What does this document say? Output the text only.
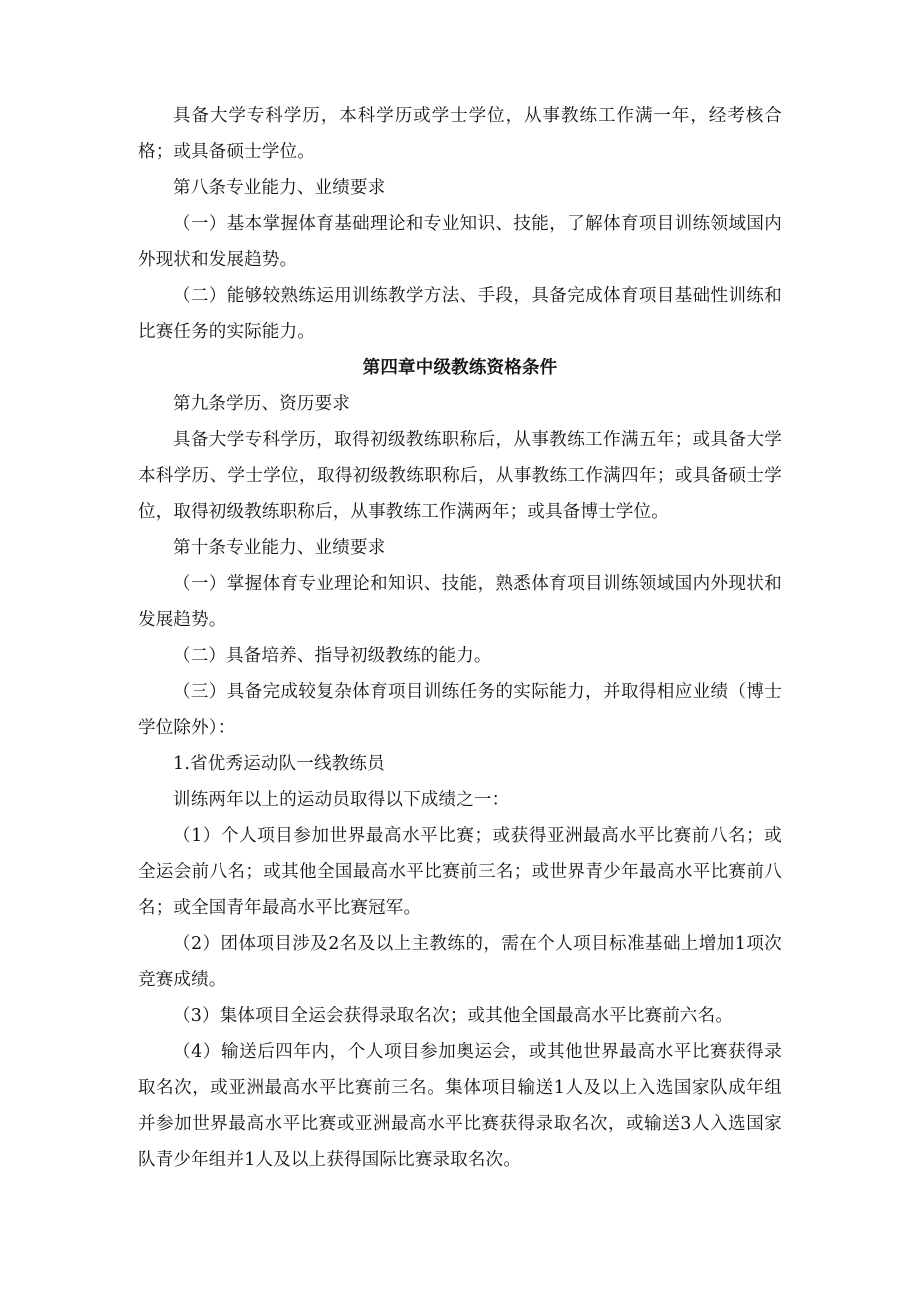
具备大学专科学历，本科学历或学士学位，从事教练工作满一年，经考核合格；或具备硕士学位。

第八条专业能力、业绩要求

（一）基本掌握体育基础理论和专业知识、技能，了解体育项目训练领域国内外现状和发展趋势。

（二）能够较熟练运用训练教学方法、手段，具备完成体育项目基础性训练和比赛任务的实际能力。

第四章中级教练资格条件

第九条学历、资历要求

具备大学专科学历，取得初级教练职称后，从事教练工作满五年；或具备大学本科学历、学士学位，取得初级教练职称后，从事教练工作满四年；或具备硕士学位，取得初级教练职称后，从事教练工作满两年；或具备博士学位。

第十条专业能力、业绩要求

（一）掌握体育专业理论和知识、技能，熟悉体育项目训练领域国内外现状和发展趋势。

（二）具备培养、指导初级教练的能力。

（三）具备完成较复杂体育项目训练任务的实际能力，并取得相应业绩（博士学位除外）：

1.省优秀运动队一线教练员

训练两年以上的运动员取得以下成绩之一：

（1）个人项目参加世界最高水平比赛；或获得亚洲最高水平比赛前八名；或全运会前八名；或其他全国最高水平比赛前三名；或世界青少年最高水平比赛前八名；或全国青年最高水平比赛冠军。

（2）团体项目涉及2名及以上主教练的，需在个人项目标准基础上增加1项次竞赛成绩。

（3）集体项目全运会获得录取名次；或其他全国最高水平比赛前六名。

（4）输送后四年内，个人项目参加奥运会，或其他世界最高水平比赛获得录取名次，或亚洲最高水平比赛前三名。集体项目输送1人及以上入选国家队成年组并参加世界最高水平比赛或亚洲最高水平比赛获得录取名次，或输送3人入选国家队青少年组并1人及以上获得国际比赛录取名次。
